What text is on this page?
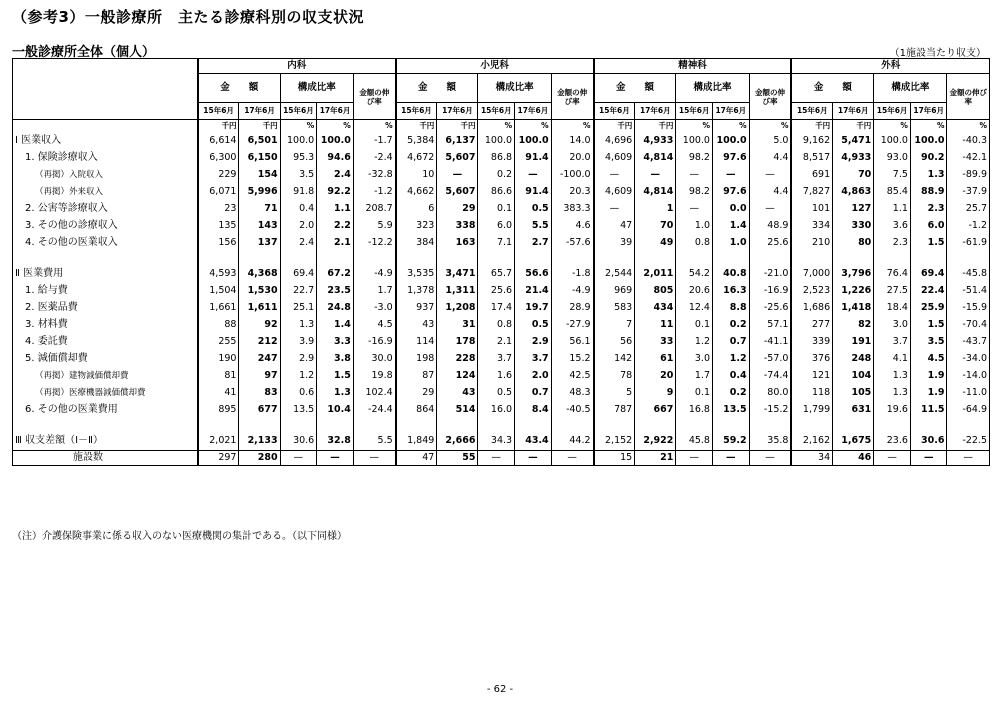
（参考3）一般診療所　主たる診療科別の収支状況
一般診療所全体（個人）	（1施設当たり収支）
	内科					小児科					精神科					外科				
	金　　額		構成比率		金額の伸び率	金　　額		構成比率		金額の伸び率	金　　額		構成比率		金額の伸び率	金　　額		構成比率		金額の伸び率
	15年6月	17年6月	15年6月	17年6月		15年6月	17年6月	15年6月	17年6月		15年6月	17年6月	15年6月	17年6月		15年6月	17年6月	15年6月	17年6月	
	千円	千円	%	%	%	千円	千円	%	%	%	千円	千円	%	%	%	千円	千円	%	%	%
Ⅰ 医業収入	6,614	6,501	100.0	100.0	-1.7	5,384	6,137	100.0	100.0	14.0	4,696	4,933	100.0	100.0	5.0	9,162	5,471	100.0	100.0	-40.3
1. 保険診療収入	6,300	6,150	95.3	94.6	-2.4	4,672	5,607	86.8	91.4	20.0	4,609	4,814	98.2	97.6	4.4	8,517	4,933	93.0	90.2	-42.1
（再掲）入院収入	229	154	3.5	2.4	-32.8	10	—	0.2	—	-100.0	—	—	—	—	—	691	70	7.5	1.3	-89.9
（再掲）外来収入	6,071	5,996	91.8	92.2	-1.2	4,662	5,607	86.6	91.4	20.3	4,609	4,814	98.2	97.6	4.4	7,827	4,863	85.4	88.9	-37.9
2. 公害等診療収入	23	71	0.4	1.1	208.7	6	29	0.1	0.5	383.3	—	1	—	0.0	—	101	127	1.1	2.3	25.7
3. その他の診療収入	135	143	2.0	2.2	5.9	323	338	6.0	5.5	4.6	47	70	1.0	1.4	48.9	334	330	3.6	6.0	-1.2
4. その他の医業収入	156	137	2.4	2.1	-12.2	384	163	7.1	2.7	-57.6	39	49	0.8	1.0	25.6	210	80	2.3	1.5	-61.9

Ⅱ 医業費用	4,593	4,368	69.4	67.2	-4.9	3,535	3,471	65.7	56.6	-1.8	2,544	2,011	54.2	40.8	-21.0	7,000	3,796	76.4	69.4	-45.8
1. 給与費	1,504	1,530	22.7	23.5	1.7	1,378	1,311	25.6	21.4	-4.9	969	805	20.6	16.3	-16.9	2,523	1,226	27.5	22.4	-51.4
2. 医薬品費	1,661	1,611	25.1	24.8	-3.0	937	1,208	17.4	19.7	28.9	583	434	12.4	8.8	-25.6	1,686	1,418	18.4	25.9	-15.9
3. 材料費	88	92	1.3	1.4	4.5	43	31	0.8	0.5	-27.9	7	11	0.1	0.2	57.1	277	82	3.0	1.5	-70.4
4. 委託費	255	212	3.9	3.3	-16.9	114	178	2.1	2.9	56.1	56	33	1.2	0.7	-41.1	339	191	3.7	3.5	-43.7
5. 減価償却費	190	247	2.9	3.8	30.0	198	228	3.7	3.7	15.2	142	61	3.0	1.2	-57.0	376	248	4.1	4.5	-34.0
（再掲）建物減価償却費	81	97	1.2	1.5	19.8	87	124	1.6	2.0	42.5	78	20	1.7	0.4	-74.4	121	104	1.3	1.9	-14.0
（再掲）医療機器減価償却費	41	83	0.6	1.3	102.4	29	43	0.5	0.7	48.3	5	9	0.1	0.2	80.0	118	105	1.3	1.9	-11.0
6. その他の医業費用	895	677	13.5	10.4	-24.4	864	514	16.0	8.4	-40.5	787	667	16.8	13.5	-15.2	1,799	631	19.6	11.5	-64.9

Ⅲ 収支差額（Ⅰ－Ⅱ）	2,021	2,133	30.6	32.8	5.5	1,849	2,666	34.3	43.4	44.2	2,152	2,922	45.8	59.2	35.8	2,162	1,675	23.6	30.6	-22.5
施設数	297	280	—	—	—	47	55	—	—	—	15	21	—	—	—	34	46	—	—	—
（注）介護保険事業に係る収入のない医療機関の集計である。（以下同様）
- 62 -
